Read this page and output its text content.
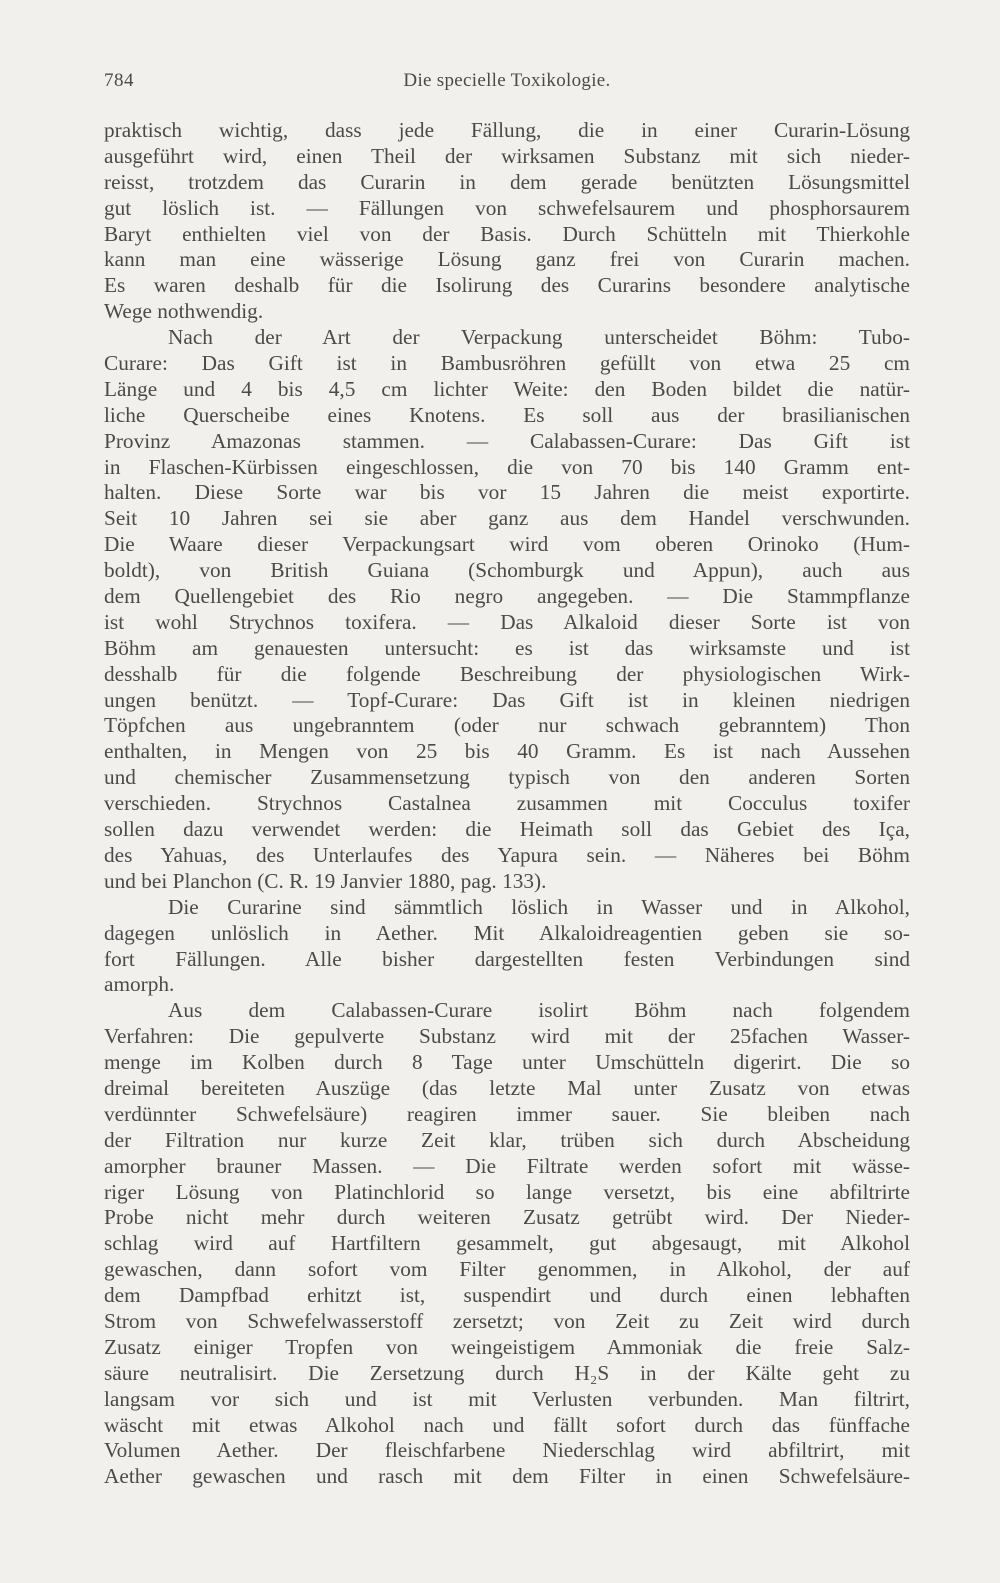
784	Die specielle Toxikologie.
praktisch wichtig, dass jede Fällung, die in einer Curarin-Lösung
ausgeführt wird, einen Theil der wirksamen Substanz mit sich nieder-
reisst, trotzdem das Curarin in dem gerade benützten Lösungsmittel
gut löslich ist. — Fällungen von schwefelsaurem und phosphorsaurem
Baryt enthielten viel von der Basis. Durch Schütteln mit Thierkohle
kann man eine wässerige Lösung ganz frei von Curarin machen.
Es waren deshalb für die Isolirung des Curarins besondere analytische
Wege nothwendig.
Nach der Art der Verpackung unterscheidet Böhm: Tubo-
Curare: Das Gift ist in Bambusröhren gefüllt von etwa 25 cm
Länge und 4 bis 4,5 cm lichter Weite: den Boden bildet die natür-
liche Querscheibe eines Knotens. Es soll aus der brasilianischen
Provinz Amazonas stammen. — Calabassen-Curare: Das Gift ist
in Flaschen-Kürbissen eingeschlossen, die von 70 bis 140 Gramm ent-
halten. Diese Sorte war bis vor 15 Jahren die meist exportirte.
Seit 10 Jahren sei sie aber ganz aus dem Handel verschwunden.
Die Waare dieser Verpackungsart wird vom oberen Orinoko (Hum-
boldt), von British Guiana (Schomburgk und Appun), auch aus
dem Quellengebiet des Rio negro angegeben. — Die Stammpflanze
ist wohl Strychnos toxifera. — Das Alkaloid dieser Sorte ist von
Böhm am genauesten untersucht: es ist das wirksamste und ist
desshalb für die folgende Beschreibung der physiologischen Wirk-
ungen benützt. — Topf-Curare: Das Gift ist in kleinen niedrigen
Töpfchen aus ungebranntem (oder nur schwach gebranntem) Thon
enthalten, in Mengen von 25 bis 40 Gramm. Es ist nach Aussehen
und chemischer Zusammensetzung typisch von den anderen Sorten
verschieden. Strychnos Castalnea zusammen mit Cocculus toxifer
sollen dazu verwendet werden: die Heimath soll das Gebiet des Iça,
des Yahuas, des Unterlaufes des Yapura sein. — Näheres bei Böhm
und bei Planchon (C. R. 19 Janvier 1880, pag. 133).
Die Curarine sind sämmtlich löslich in Wasser und in Alkohol,
dagegen unlöslich in Aether. Mit Alkaloidreagentien geben sie so-
fort Fällungen. Alle bisher dargestellten festen Verbindungen sind
amorph.
Aus dem Calabassen-Curare isolirt Böhm nach folgendem
Verfahren: Die gepulverte Substanz wird mit der 25fachen Wasser-
menge im Kolben durch 8 Tage unter Umschütteln digerirt. Die so
dreimal bereiteten Auszüge (das letzte Mal unter Zusatz von etwas
verdünnter Schwefelsäure) reagiren immer sauer. Sie bleiben nach
der Filtration nur kurze Zeit klar, trüben sich durch Abscheidung
amorpher brauner Massen. — Die Filtrate werden sofort mit wässe-
riger Lösung von Platinchlorid so lange versetzt, bis eine abfiltrirte
Probe nicht mehr durch weiteren Zusatz getrübt wird. Der Nieder-
schlag wird auf Hartfiltern gesammelt, gut abgesaugt, mit Alkohol
gewaschen, dann sofort vom Filter genommen, in Alkohol, der auf
dem Dampfbad erhitzt ist, suspendirt und durch einen lebhaften
Strom von Schwefelwasserstoff zersetzt; von Zeit zu Zeit wird durch
Zusatz einiger Tropfen von weingeistigem Ammoniak die freie Salz-
säure neutralisirt. Die Zersetzung durch H₂S in der Kälte geht zu
langsam vor sich und ist mit Verlusten verbunden. Man filtrirt,
wäscht mit etwas Alkohol nach und fällt sofort durch das fünffache
Volumen Aether. Der fleischfarbene Niederschlag wird abfiltrirt, mit
Aether gewaschen und rasch mit dem Filter in einen Schwefelsäure-
